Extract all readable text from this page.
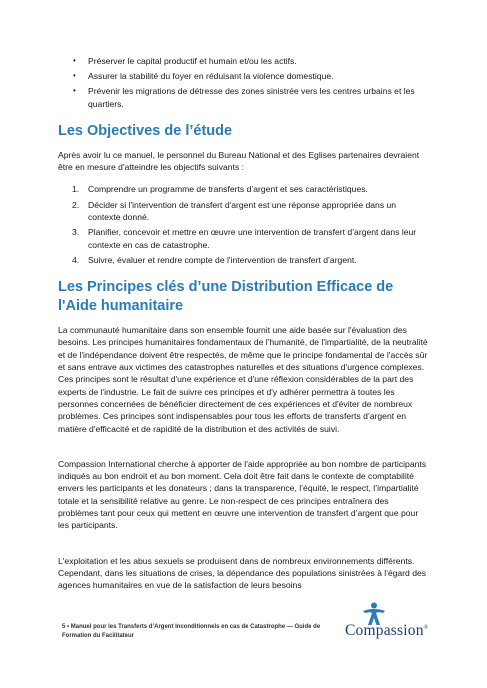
• Préserver le capital productif et humain et/ou les actifs.
• Assurer la stabilité du foyer en réduisant la violence domestique.
• Prévenir les migrations de détresse des zones sinistrée vers les centres urbains et les quartiers.
Les Objectives de l’étude

Après avoir lu ce manuel, le personnel du Bureau National et des Eglises partenaires devraient être en mesure d'atteindre les objectifs suivants :

1. Comprendre un programme de transferts d’argent et ses caractéristiques.
2. Décider si l'intervention de transfert d'argent est une réponse appropriée dans un contexte donné.
3. Planifier, concevoir et mettre en œuvre une intervention de transfert d’argent dans leur contexte en cas de catastrophe.
4. Suivre, évaluer et rendre compte de l'intervention de transfert d’argent.
Les Principes clés d’une Distribution Efficace de l'Aide humanitaire

La communauté humanitaire dans son ensemble fournit une aide basée sur l'évaluation des besoins. Les principes humanitaires fondamentaux de l'humanité, de l'impartialité, de la neutralité et de l'indépendance doivent être respectés, de même que le principe fondamental de l'accès sûr et sans entrave aux victimes des catastrophes naturelles et des situations d'urgence complexes. Ces principes sont le résultat d'une expérience et d'une réflexion considérables de la part des experts de l'industrie. Le fait de suivre ces principes et d'y adhérer permettra à toutes les personnes concernées de bénéficier directement de ces expériences et d'éviter de nombreux problèmes. Ces principes sont indispensables pour tous les efforts de transferts d’argent en matière d'efficacité et de rapidité de la distribution et des activités de suivi.

Compassion International cherche à apporter de l'aide appropriée au bon nombre de participants indiqués au bon endroit et au bon moment. Cela doit être fait dans le contexte de comptabilité envers les participants et les donateurs ; dans la transparence, l’équité, le respect, l’impartialité totale et la sensibilité relative au genre. Le non-respect de ces principes entraînera des problèmes tant pour ceux qui mettent en œuvre une intervention de transfert d’argent que pour les participants.

L'exploitation et les abus sexuels se produisent dans de nombreux environnements différents. Cependant, dans les situations de crises, la dépendance des populations sinistrées à l'égard des agences humanitaires en vue de la satisfaction de leurs besoins

5 • Manuel pour les Transferts d’Argent Inconditionnels en cas de Catastrophe — Guide de Formation du Facilitateur	Compassion®
